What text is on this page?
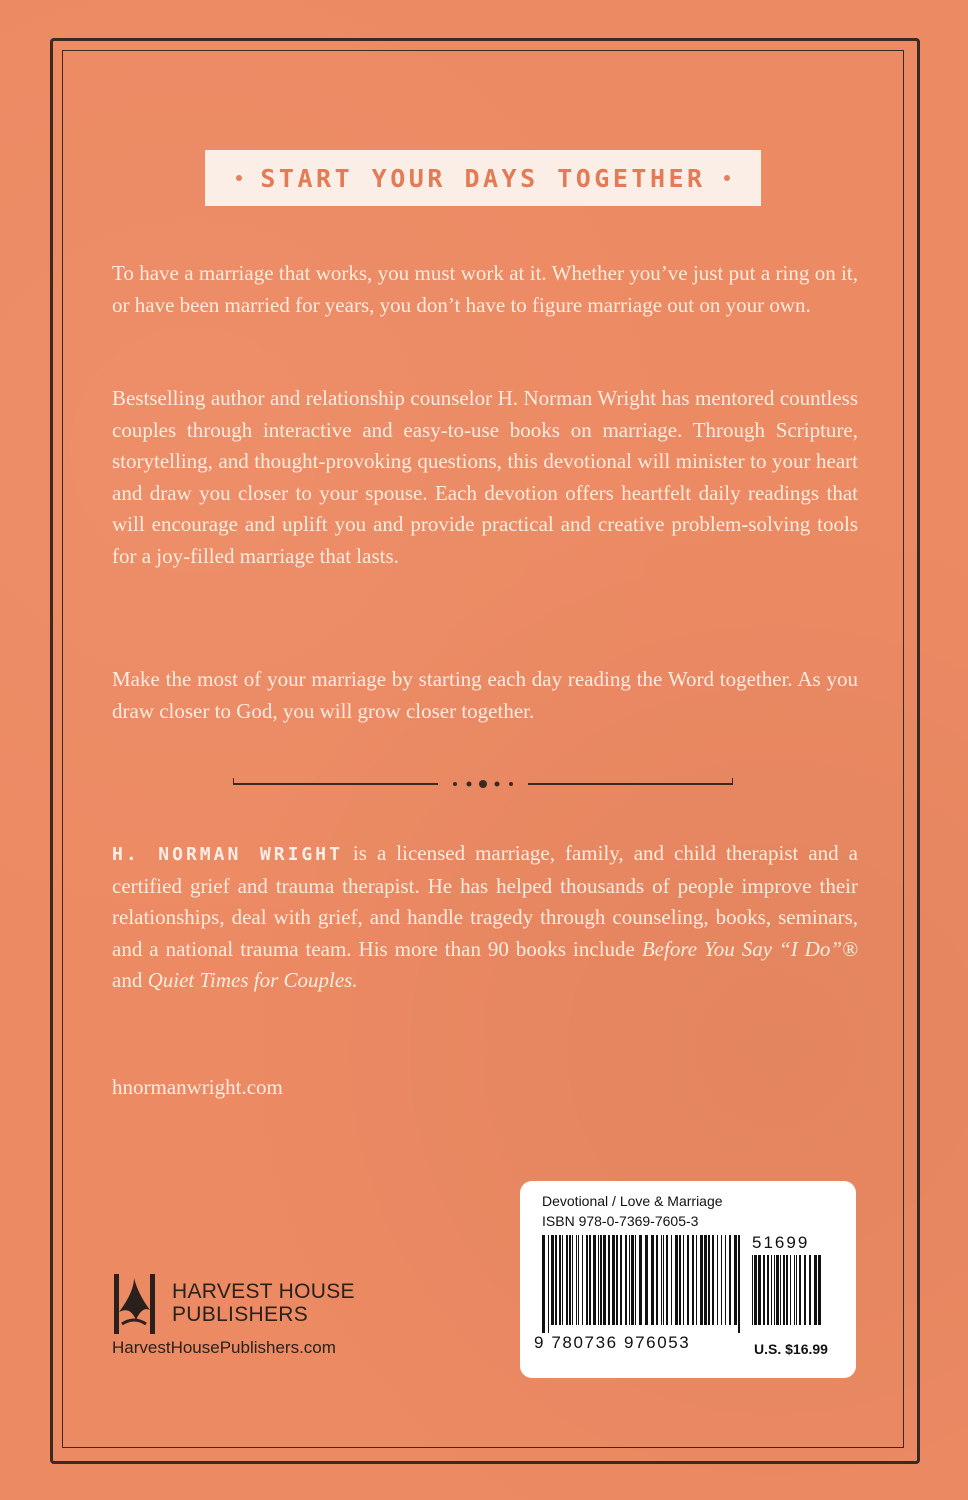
START YOUR DAYS TOGETHER

To have a marriage that works, you must work at it. Whether you’ve just put a ring on it, or have been married for years, you don’t have to figure marriage out on your own.

Bestselling author and relationship counselor H. Norman Wright has mentored countless couples through interactive and easy-to-use books on marriage. Through Scripture, storytelling, and thought-provoking questions, this devotional will minister to your heart and draw you closer to your spouse. Each devotion offers heartfelt daily readings that will encourage and uplift you and provide practical and creative problem-solving tools for a joy-filled marriage that lasts.

Make the most of your marriage by starting each day reading the Word together. As you draw closer to God, you will grow closer together.

H. NORMAN WRIGHT is a licensed marriage, family, and child therapist and a certified grief and trauma therapist. He has helped thousands of people improve their relationships, deal with grief, and handle tragedy through counseling, books, seminars, and a national trauma team. His more than 90 books include Before You Say “I Do”® and Quiet Times for Couples.

hnormanwright.com
HARVEST HOUSE
PUBLISHERS
HarvestHousePublishers.com
Devotional / Love & Marriage
ISBN 978-0-7369-7605-3
51699
9 780736 976053	U.S. $16.99
